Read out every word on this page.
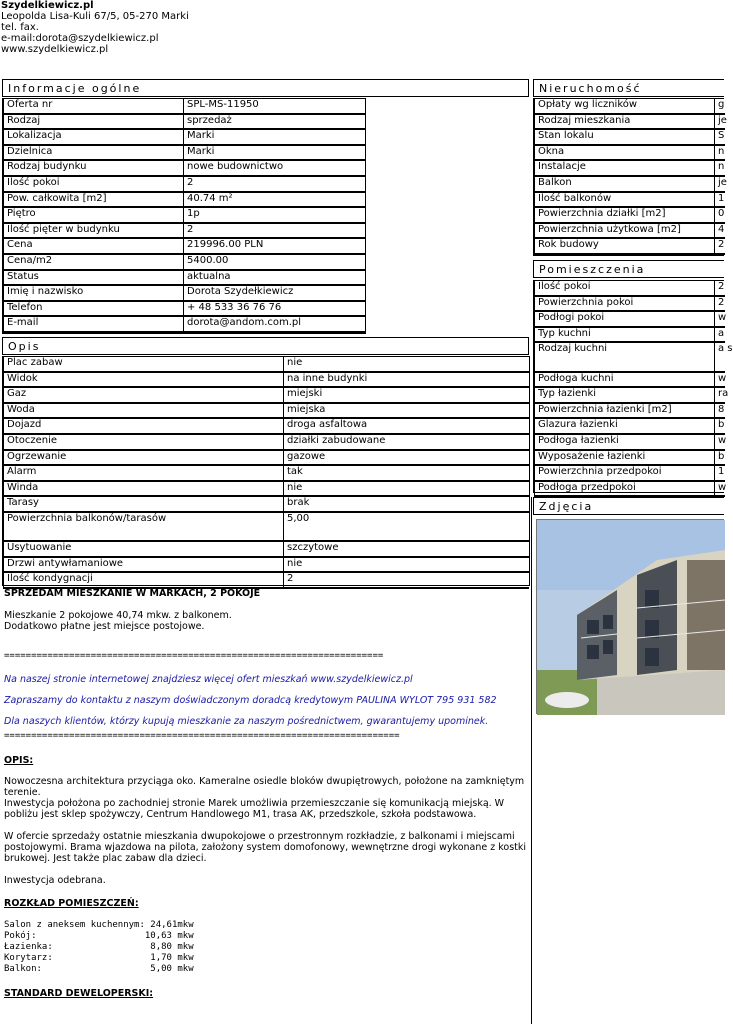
Szydelkiewicz.pl
Leopolda Lisa-Kuli 67/5, 05-270 Marki
tel. fax.
e-mail:dorota@szydelkiewicz.pl
www.szydelkiewicz.pl
Informacje ogólne	Nieruchomość
Opis
Pomieszczenia
Zdjęcia
Oferta nr	SPL-MS-11950
Rodzaj	sprzedaż
Lokalizacja	Marki
Dzielnica	Marki
Rodzaj budynku	nowe budownictwo
Ilość pokoi	2
Pow. całkowita [m2]	40.74 m²
Piętro	1p
Ilość pięter w budynku	2
Cena	219996.00 PLN
Cena/m2	5400.00
Status	aktualna
Imię i nazwisko	Dorota Szydełkiewicz
Telefon	+ 48 533 36 76 76
E-mail	dorota@andom.com.pl
Plac zabaw	nie
Widok	na inne budynki
Gaz	miejski
Woda	miejska
Dojazd	droga asfaltowa
Otoczenie	działki zabudowane
Ogrzewanie	gazowe
Alarm	tak
Winda	nie
Tarasy	brak
Powierzchnia balkonów/tarasów	5,00
Usytuowanie	szczytowe
Drzwi antywłamaniowe	nie
Ilość kondygnacji	2
Opłaty wg liczników	g
Rodzaj mieszkania	je
Stan lokalu	S
Okna	n
Instalacje	n
Balkon	je
Ilość balkonów	1
Powierzchnia działki [m2]	0
Powierzchnia użytkowa [m2]	4
Rok budowy	2
Ilość pokoi	2
Powierzchnia pokoi	2
Podłogi pokoi	w
Typ kuchni	a
Rodzaj kuchni	a s
Podłoga kuchni	w
Typ łazienki	ra
Powierzchnia łazienki [m2]	8
Glazura łazienki	b
Podłoga łazienki	w
Wyposażenie łazienki	b
Powierzchnia przedpokoi	1
Podłoga przedpokoi	w

SPRZEDAM MIESZKANIE W MARKACH, 2 POKOJE

Mieszkanie 2 pokojowe 40,74 mkw. z balkonem.

Dodatkowo płatne jest miejsce postojowe.

======================================================================

Na naszej stronie internetowej znajdziesz więcej ofert mieszkań www.szydelkiewicz.pl

Zapraszamy do kontaktu z naszym doświadczonym doradcą kredytowym PAULINA WYLOT 795 931 582

Dla naszych klientów, którzy kupują mieszkanie za naszym pośrednictwem, gwarantujemy upominek.

=========================================================================

OPIS:

Nowoczesna architektura przyciąga oko. Kameralne osiedle bloków dwupiętrowych, położone na zamkniętym terenie.

Inwestycja położona po zachodniej stronie Marek umożliwia przemieszczanie się komunikacją miejską. W pobliżu jest sklep spożywczy, Centrum Handlowego M1, trasa AK, przedszkole, szkoła podstawowa.

W ofercie sprzedaży ostatnie mieszkania dwupokojowe o przestronnym rozkładzie, z balkonami i miejscami postojowymi. Brama wjazdowa na pilota, założony system domofonowy, wewnętrzne drogi wykonane z kostki brukowej. Jest także plac zabaw dla dzieci.

Inwestycja odebrana.

ROZKŁAD POMIESZCZEŃ:

Salon z aneksem kuchennym: 24,61mkw
Pokój:                    10,63 mkw
Łazienka:                  8,80 mkw
Korytarz:                  1,70 mkw
Balkon:                    5,00 mkw

STANDARD DEWELOPERSKI:
